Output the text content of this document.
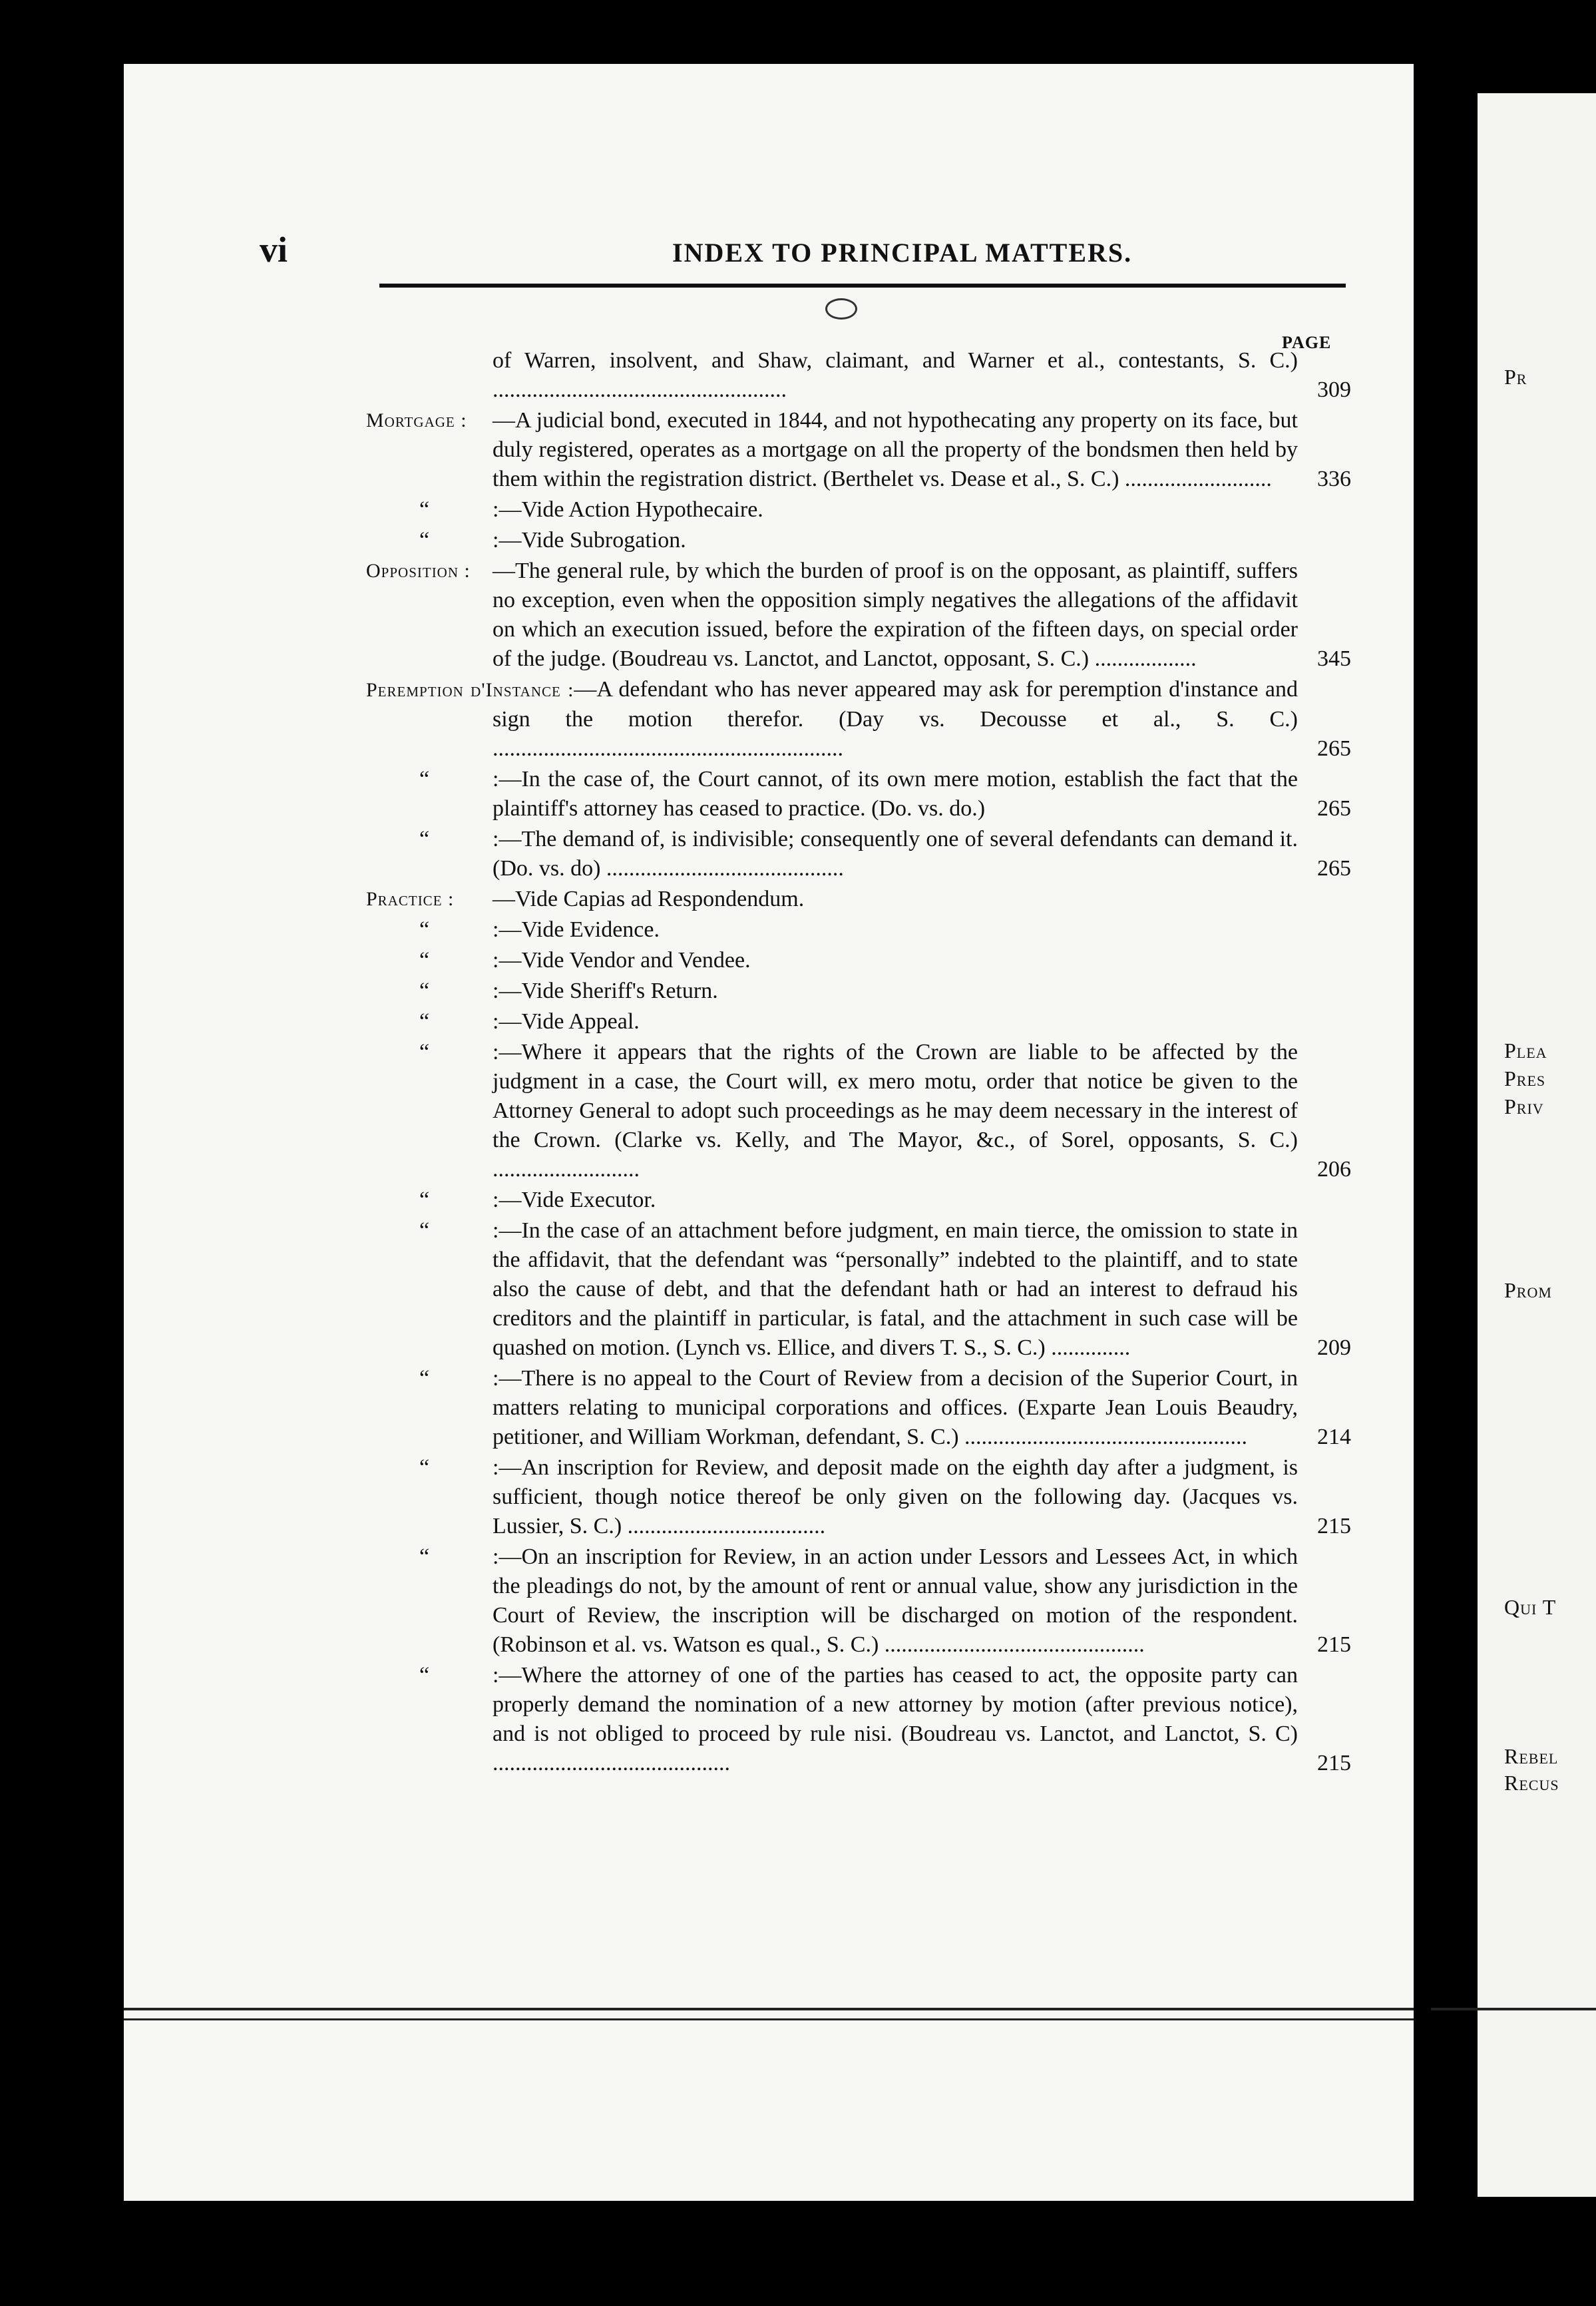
Pr
Plea
Pres
Priv
Prom
Qui T
Rebel
Recus
vi	INDEX TO PRINCIPAL MATTERS.
PAGE
of Warren, insolvent, and Shaw, claimant, and Warner et al., contestants, S. C.) ....................................................	309
Mortgage : —A judicial bond, executed in 1844, and not hypothecating any property on its face, but duly registered, operates as a mortgage on all the property of the bondsmen then held by them within the registration district. (Berthelet vs. Dease et al., S. C.) ..........................	336
“	:—Vide Action Hypothecaire.
“	:—Vide Subrogation.
Opposition : —The general rule, by which the burden of proof is on the opposant, as plaintiff, suffers no exception, even when the opposition simply negatives the allegations of the affidavit on which an execution issued, before the expiration of the fifteen days, on special order of the judge. (Boudreau vs. Lanctot, and Lanctot, opposant, S. C.) ..................	345
Peremption d'Instance :—A defendant who has never appeared may ask for peremption d'instance and sign the motion therefor. (Day vs. Decousse et al., S. C.) ..............................................................	265
“	:—In the case of, the Court cannot, of its own mere motion, establish the fact that the plaintiff's attorney has ceased to practice. (Do. vs. do.)	265
“	:—The demand of, is indivisible; consequently one of several defendants can demand it. (Do. vs. do) ..........................................	265
Practice : —Vide Capias ad Respondendum.
“	:—Vide Evidence.
“	:—Vide Vendor and Vendee.
“	:—Vide Sheriff's Return.
“	:—Vide Appeal.
“	:—Where it appears that the rights of the Crown are liable to be affected by the judgment in a case, the Court will, ex mero motu, order that notice be given to the Attorney General to adopt such proceedings as he may deem necessary in the interest of the Crown. (Clarke vs. Kelly, and The Mayor, &c., of Sorel, opposants, S. C.) ..........................	206
“	:—Vide Executor.
“	:—In the case of an attachment before judgment, en main tierce, the omission to state in the affidavit, that the defendant was “personally” indebted to the plaintiff, and to state also the cause of debt, and that the defendant hath or had an interest to defraud his creditors and the plaintiff in particular, is fatal, and the attachment in such case will be quashed on motion. (Lynch vs. Ellice, and divers T. S., S. C.) ..............	209
“	:—There is no appeal to the Court of Review from a decision of the Superior Court, in matters relating to municipal corporations and offices. (Exparte Jean Louis Beaudry, petitioner, and William Workman, defendant, S. C.) ..................................................	214
“	:—An inscription for Review, and deposit made on the eighth day after a judgment, is sufficient, though notice thereof be only given on the following day. (Jacques vs. Lussier, S. C.) ...................................	215
“	:—On an inscription for Review, in an action under Lessors and Lessees Act, in which the pleadings do not, by the amount of rent or annual value, show any jurisdiction in the Court of Review, the inscription will be discharged on motion of the respondent. (Robinson et al. vs. Watson es qual., S. C.) ..............................................	215
“	:—Where the attorney of one of the parties has ceased to act, the opposite party can properly demand the nomination of a new attorney by motion (after previous notice), and is not obliged to proceed by rule nisi. (Boudreau vs. Lanctot, and Lanctot, S. C) ..........................................	215
